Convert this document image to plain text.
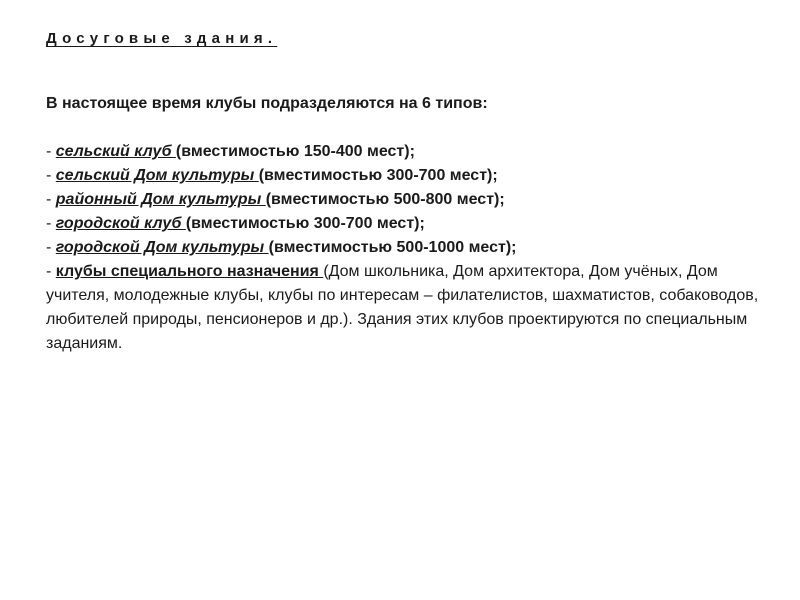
Досуговые здания.

В настоящее время клубы подразделяются на 6 типов:

- сельский клуб (вместимостью 150-400 мест);

- сельский Дом культуры (вместимостью 300-700 мест);

- районный Дом культуры (вместимостью 500-800 мест);

- городской клуб (вместимостью 300-700 мест);

- городской Дом культуры (вместимостью 500-1000 мест);

- клубы специального назначения (Дом школьника, Дом архитектора, Дом учёных, Дом учителя, молодежные клубы, клубы по интересам – филателистов, шахматистов, собаководов, любителей природы, пенсионеров и др.). Здания этих клубов проектируются по специальным заданиям.
